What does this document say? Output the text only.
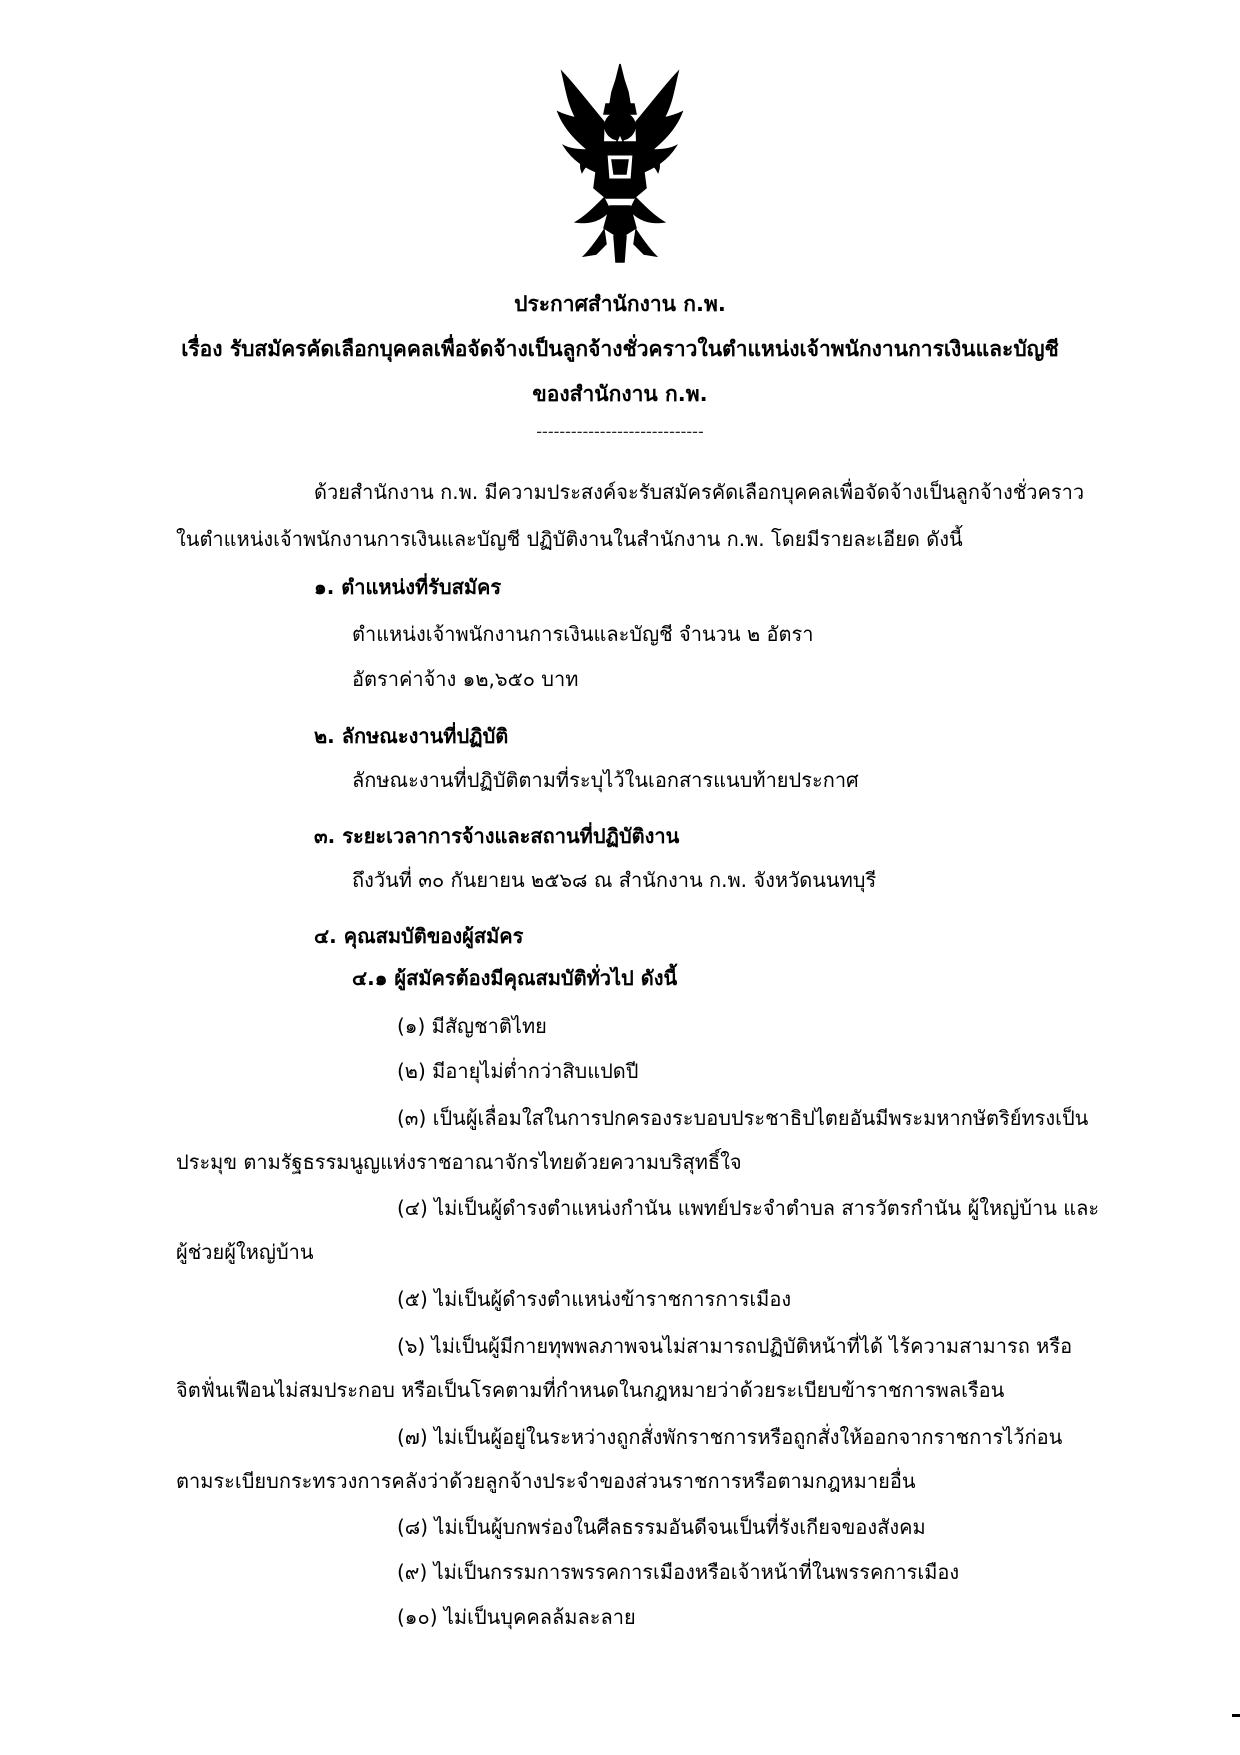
ประกาศสำนักงาน ก.พ.
เรื่อง รับสมัครคัดเลือกบุคคลเพื่อจัดจ้างเป็นลูกจ้างชั่วคราวในตำแหน่งเจ้าพนักงานการเงินและบัญชี
ของสำนักงาน ก.พ.
-----------------------------
ด้วยสำนักงาน ก.พ. มีความประสงค์จะรับสมัครคัดเลือกบุคคลเพื่อจัดจ้างเป็นลูกจ้างชั่วคราว
ในตำแหน่งเจ้าพนักงานการเงินและบัญชี ปฏิบัติงานในสำนักงาน ก.พ. โดยมีรายละเอียด ดังนี้
๑. ตำแหน่งที่รับสมัคร
ตำแหน่งเจ้าพนักงานการเงินและบัญชี จำนวน ๒ อัตรา
อัตราค่าจ้าง ๑๒,๖๕๐ บาท
๒. ลักษณะงานที่ปฏิบัติ
ลักษณะงานที่ปฏิบัติตามที่ระบุไว้ในเอกสารแนบท้ายประกาศ
๓. ระยะเวลาการจ้างและสถานที่ปฏิบัติงาน
ถึงวันที่ ๓๐ กันยายน ๒๕๖๘ ณ สำนักงาน ก.พ. จังหวัดนนทบุรี
๔. คุณสมบัติของผู้สมัคร
๔.๑ ผู้สมัครต้องมีคุณสมบัติทั่วไป ดังนี้
(๑) มีสัญชาติไทย
(๒) มีอายุไม่ต่ำกว่าสิบแปดปี
(๓) เป็นผู้เลื่อมใสในการปกครองระบอบประชาธิปไตยอันมีพระมหากษัตริย์ทรงเป็น
ประมุข ตามรัฐธรรมนูญแห่งราชอาณาจักรไทยด้วยความบริสุทธิ์ใจ
(๔) ไม่เป็นผู้ดำรงตำแหน่งกำนัน แพทย์ประจำตำบล สารวัตรกำนัน ผู้ใหญ่บ้าน และ
ผู้ช่วยผู้ใหญ่บ้าน
(๕) ไม่เป็นผู้ดำรงตำแหน่งข้าราชการการเมือง
(๖) ไม่เป็นผู้มีกายทุพพลภาพจนไม่สามารถปฏิบัติหน้าที่ได้ ไร้ความสามารถ หรือ
จิตฟั่นเฟือนไม่สมประกอบ หรือเป็นโรคตามที่กำหนดในกฎหมายว่าด้วยระเบียบข้าราชการพลเรือน
(๗) ไม่เป็นผู้อยู่ในระหว่างถูกสั่งพักราชการหรือถูกสั่งให้ออกจากราชการไว้ก่อน
ตามระเบียบกระทรวงการคลังว่าด้วยลูกจ้างประจำของส่วนราชการหรือตามกฎหมายอื่น
(๘) ไม่เป็นผู้บกพร่องในศีลธรรมอันดีจนเป็นที่รังเกียจของสังคม
(๙) ไม่เป็นกรรมการพรรคการเมืองหรือเจ้าหน้าที่ในพรรคการเมือง
(๑๐) ไม่เป็นบุคคลล้มละลาย
